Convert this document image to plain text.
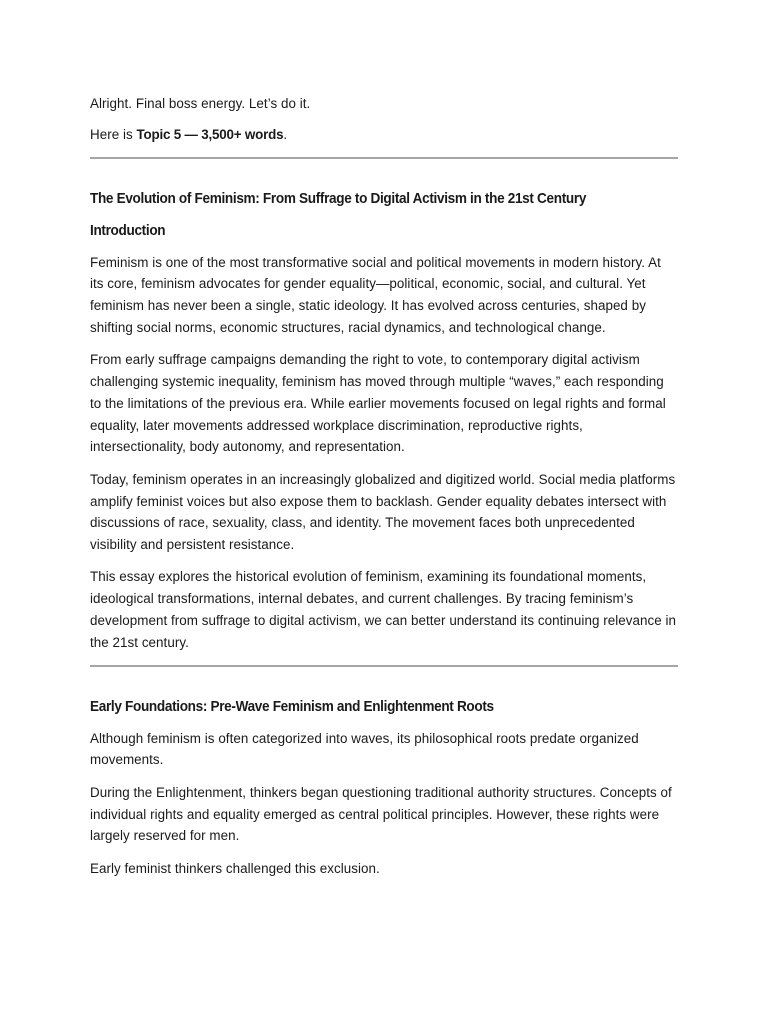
Alright. Final boss energy. Let’s do it.

Here is Topic 5 — 3,500+ words.

The Evolution of Feminism: From Suffrage to Digital Activism in the 21st Century
Introduction

Feminism is one of the most transformative social and political movements in modern history. At its core, feminism advocates for gender equality—political, economic, social, and cultural. Yet feminism has never been a single, static ideology. It has evolved across centuries, shaped by shifting social norms, economic structures, racial dynamics, and technological change.

From early suffrage campaigns demanding the right to vote, to contemporary digital activism challenging systemic inequality, feminism has moved through multiple “waves,” each responding to the limitations of the previous era. While earlier movements focused on legal rights and formal equality, later movements addressed workplace discrimination, reproductive rights, intersectionality, body autonomy, and representation.

Today, feminism operates in an increasingly globalized and digitized world. Social media platforms amplify feminist voices but also expose them to backlash. Gender equality debates intersect with discussions of race, sexuality, class, and identity. The movement faces both unprecedented visibility and persistent resistance.

This essay explores the historical evolution of feminism, examining its foundational moments, ideological transformations, internal debates, and current challenges. By tracing feminism’s development from suffrage to digital activism, we can better understand its continuing relevance in the 21st century.

Early Foundations: Pre-Wave Feminism and Enlightenment Roots

Although feminism is often categorized into waves, its philosophical roots predate organized movements.

During the Enlightenment, thinkers began questioning traditional authority structures. Concepts of individual rights and equality emerged as central political principles. However, these rights were largely reserved for men.

Early feminist thinkers challenged this exclusion.
